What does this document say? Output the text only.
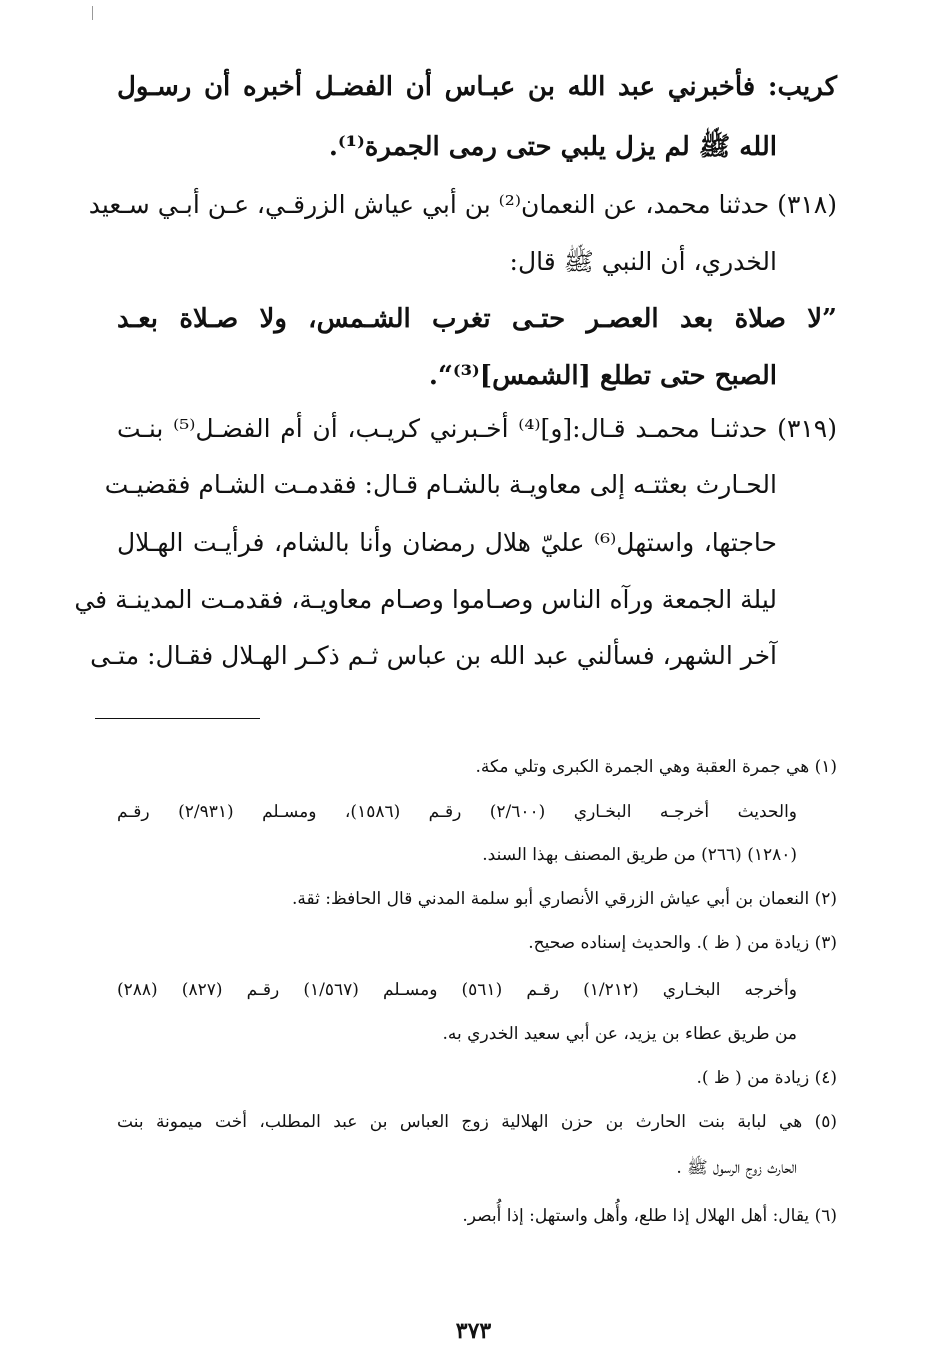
كريب: فأخبرني عبد الله بن عبـاس أن الفضـل أخبره أن رسـول
الله ﷺ لم يزل يلبي حتى رمى الجمرة⁽¹⁾.
(٣١٨) حدثنا محمد، عن النعمان⁽²⁾ بن أبي عياش الزرقـي، عـن أبـي سـعيد
الخدري، أن النبي ﷺ قال:
”لا صلاة بعد العصـر حتـى تغرب الشـمس، ولا صـلاة بعـد
الصبح حتى تطلع [الشمس]⁽³⁾“.
(٣١٩) حدثنـا محمـد قـال:[و]⁽⁴⁾ أخـبرني كريـب، أن أم الفضـل⁽⁵⁾ بنـت
الحـارث بعثتـه إلى معاويـة بالشـام قـال: فقدمـت الشـام فقضيـت
حاجتها، واستهل⁽⁶⁾ عليّ هلال رمضان وأنا بالشام، فرأيـت الهـلال
ليلة الجمعة ورآه الناس وصـاموا وصـام معاويـة، فقدمـت المدينـة في
آخر الشهر، فسألني عبد الله بن عباس ثـم ذكـر الهـلال فقـال: متـى
(١) هي جمرة العقبة وهي الجمرة الكبرى وتلي مكة.
والحديث أخرجـه البخـاري (٢/٦٠٠) رقـم (١٥٨٦)، ومسـلم (٢/٩٣١) رقـم
(١٢٨٠) (٢٦٦) من طريق المصنف بهذا السند.
(٢) النعمان بن أبي عياش الزرقي الأنصاري أبو سلمة المدني قال الحافظ: ثقة.
(٣) زيادة من ( ظ ). والحديث إسناده صحيح.
وأخرجه البخـاري (١/٢١٢) رقـم (٥٦١) ومسـلم (١/٥٦٧) رقـم (٨٢٧) (٢٨٨)
من طريق عطاء بن يزيد، عن أبي سعيد الخدري به.
(٤) زيادة من ( ظ ).
(٥) هي لبابة بنت الحارث بن حزن الهلالية زوج العباس بن عبد المطلب، أخت ميمونة بنت
الحارث زوج الرسول ﷺ .
(٦) يقال: أهل الهلال إذا طلع، وأُهل واستهل: إذا أُبصر.
٣٧٣
